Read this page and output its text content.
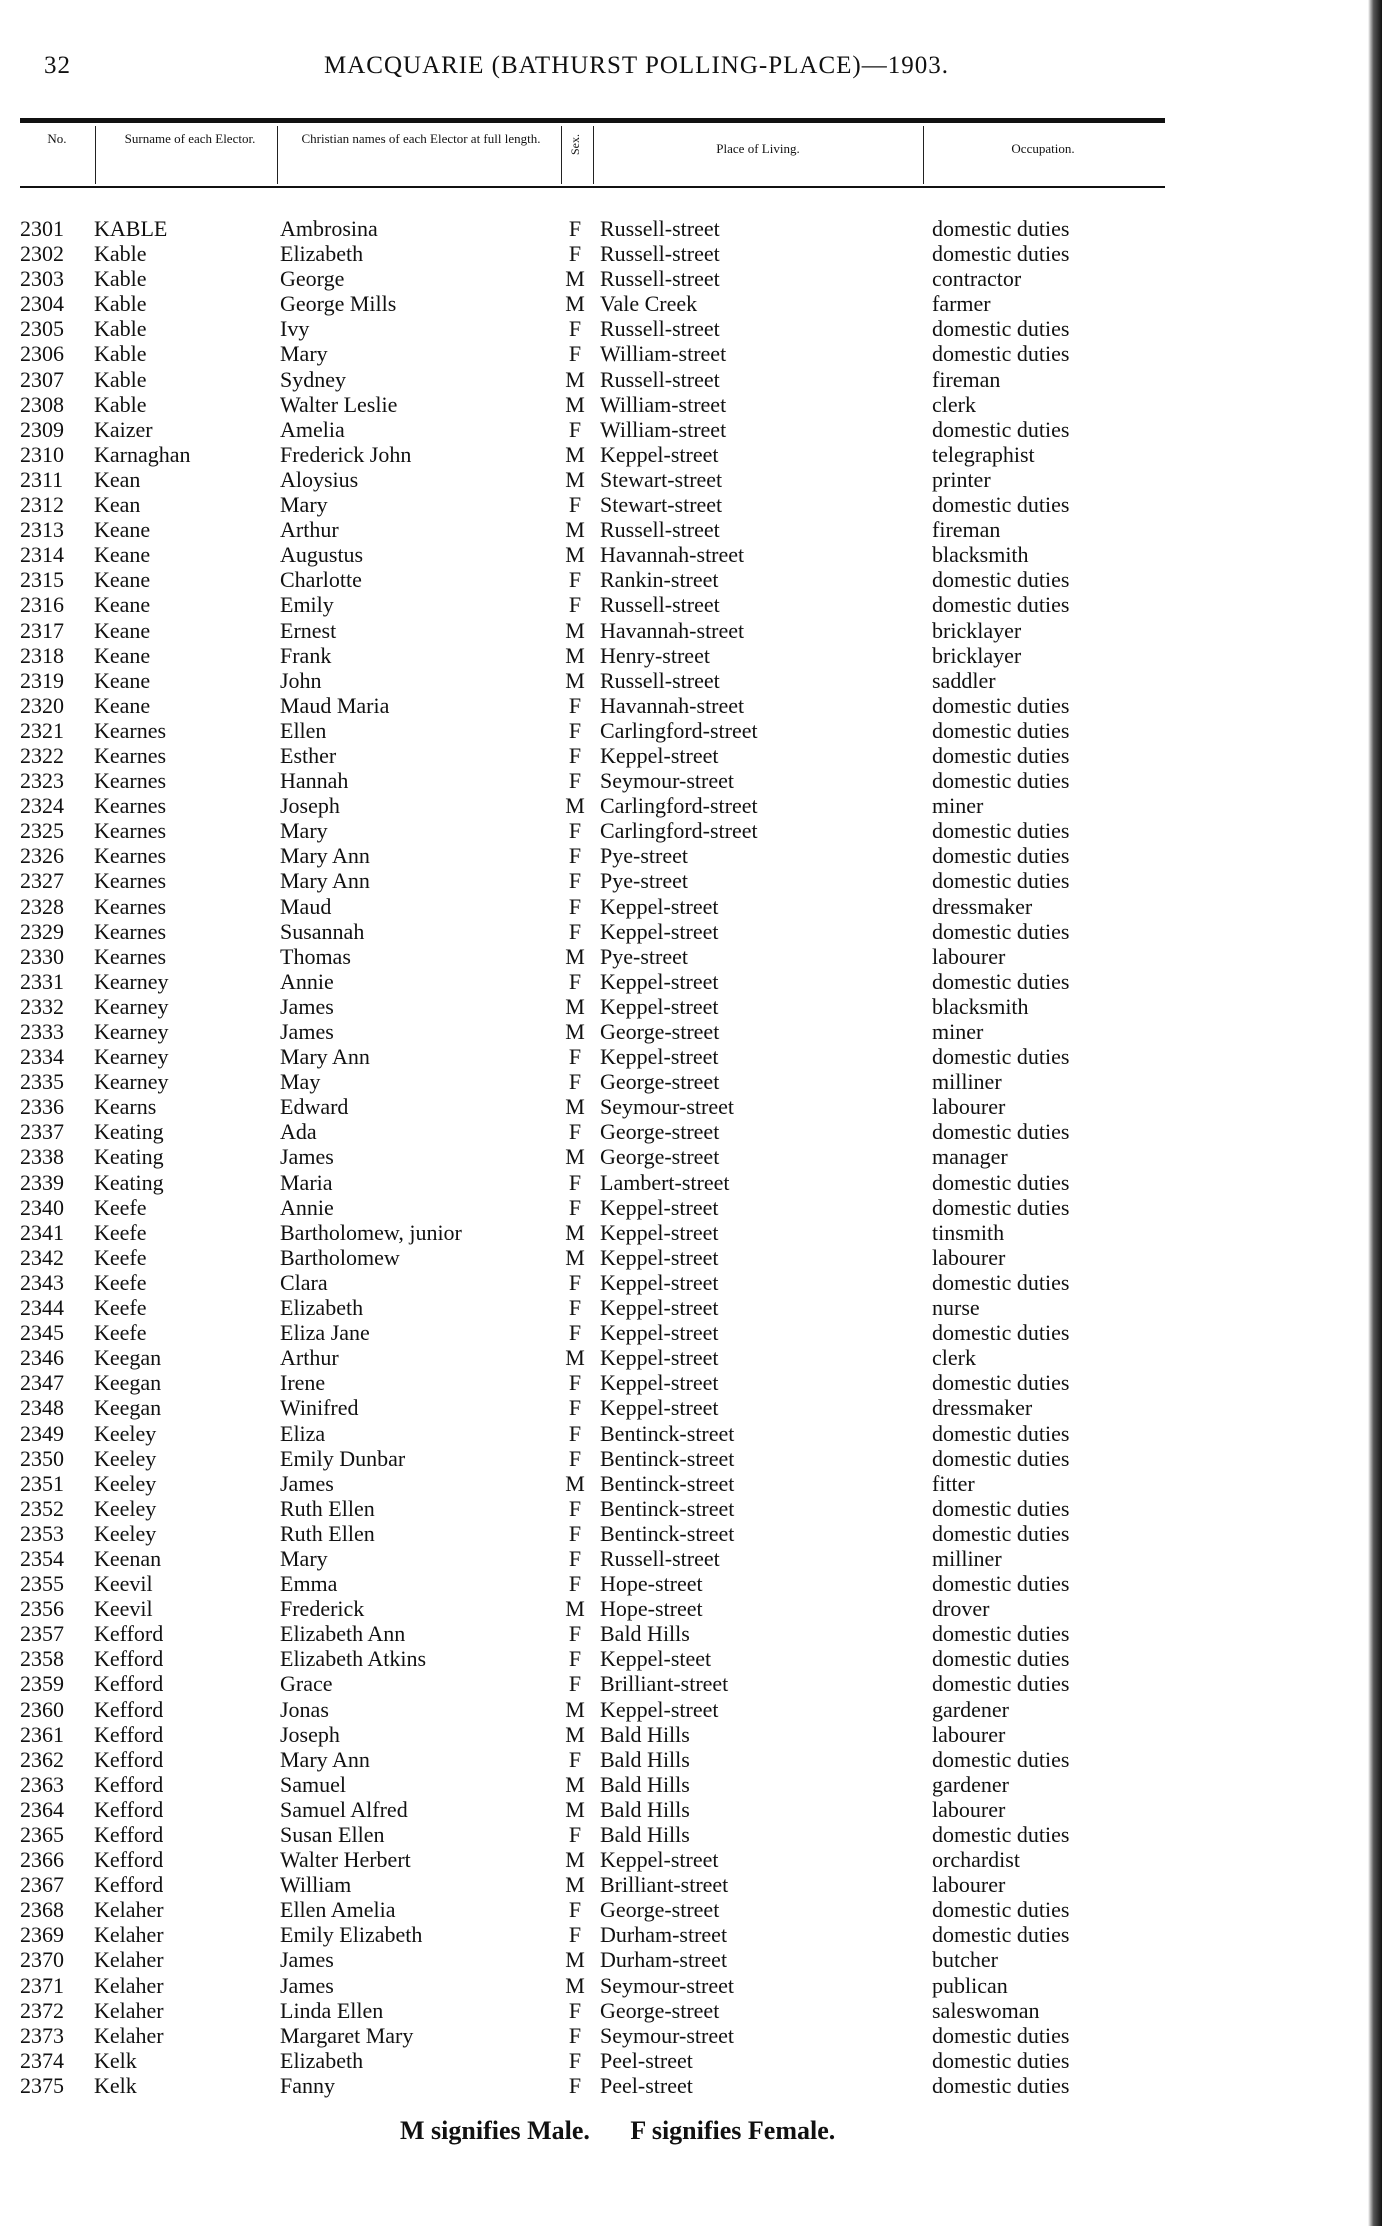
32	MACQUARIE (BATHURST POLLING-PLACE)—1903.
No.	Surname of each Elector.	Christian names of each Elector at full length.	Sex.	Place of Living.	Occupation.
2301	KABLE	Ambrosina	F Russell-street	domestic duties
2302	Kable	Elizabeth	F Russell-street	domestic duties
2303	Kable	George	M Russell-street	contractor
2304	Kable	George Mills	M Vale Creek	farmer
2305	Kable	Ivy	F Russell-street	domestic duties
2306	Kable	Mary	F William-street	domestic duties
2307	Kable	Sydney	M Russell-street	fireman
2308	Kable	Walter Leslie	M William-street	clerk
2309	Kaizer	Amelia	F William-street	domestic duties
2310	Karnaghan	Frederick John	M Keppel-street	telegraphist
2311	Kean	Aloysius	M Stewart-street	printer
2312	Kean	Mary	F Stewart-street	domestic duties
2313	Keane	Arthur	M Russell-street	fireman
2314	Keane	Augustus	M Havannah-street	blacksmith
2315	Keane	Charlotte	F Rankin-street	domestic duties
2316	Keane	Emily	F Russell-street	domestic duties
2317	Keane	Ernest	M Havannah-street	bricklayer
2318	Keane	Frank	M Henry-street	bricklayer
2319	Keane	John	M Russell-street	saddler
2320	Keane	Maud Maria	F Havannah-street	domestic duties
2321	Kearnes	Ellen	F Carlingford-street	domestic duties
2322	Kearnes	Esther	F Keppel-street	domestic duties
2323	Kearnes	Hannah	F Seymour-street	domestic duties
2324	Kearnes	Joseph	M Carlingford-street	miner
2325	Kearnes	Mary	F Carlingford-street	domestic duties
2326	Kearnes	Mary Ann	F Pye-street	domestic duties
2327	Kearnes	Mary Ann	F Pye-street	domestic duties
2328	Kearnes	Maud	F Keppel-street	dressmaker
2329	Kearnes	Susannah	F Keppel-street	domestic duties
2330	Kearnes	Thomas	M Pye-street	labourer
2331	Kearney	Annie	F Keppel-street	domestic duties
2332	Kearney	James	M Keppel-street	blacksmith
2333	Kearney	James	M George-street	miner
2334	Kearney	Mary Ann	F Keppel-street	domestic duties
2335	Kearney	May	F George-street	milliner
2336	Kearns	Edward	M Seymour-street	labourer
2337	Keating	Ada	F George-street	domestic duties
2338	Keating	James	M George-street	manager
2339	Keating	Maria	F Lambert-street	domestic duties
2340	Keefe	Annie	F Keppel-street	domestic duties
2341	Keefe	Bartholomew, junior	M Keppel-street	tinsmith
2342	Keefe	Bartholomew	M Keppel-street	labourer
2343	Keefe	Clara	F Keppel-street	domestic duties
2344	Keefe	Elizabeth	F Keppel-street	nurse
2345	Keefe	Eliza Jane	F Keppel-street	domestic duties
2346	Keegan	Arthur	M Keppel-street	clerk
2347	Keegan	Irene	F Keppel-street	domestic duties
2348	Keegan	Winifred	F Keppel-street	dressmaker
2349	Keeley	Eliza	F Bentinck-street	domestic duties
2350	Keeley	Emily Dunbar	F Bentinck-street	domestic duties
2351	Keeley	James	M Bentinck-street	fitter
2352	Keeley	Ruth Ellen	F Bentinck-street	domestic duties
2353	Keeley	Ruth Ellen	F Bentinck-street	domestic duties
2354	Keenan	Mary	F Russell-street	milliner
2355	Keevil	Emma	F Hope-street	domestic duties
2356	Keevil	Frederick	M Hope-street	drover
2357	Kefford	Elizabeth Ann	F Bald Hills	domestic duties
2358	Kefford	Elizabeth Atkins	F Keppel-steet	domestic duties
2359	Kefford	Grace	F Brilliant-street	domestic duties
2360	Kefford	Jonas	M Keppel-street	gardener
2361	Kefford	Joseph	M Bald Hills	labourer
2362	Kefford	Mary Ann	F Bald Hills	domestic duties
2363	Kefford	Samuel	M Bald Hills	gardener
2364	Kefford	Samuel Alfred	M Bald Hills	labourer
2365	Kefford	Susan Ellen	F Bald Hills	domestic duties
2366	Kefford	Walter Herbert	M Keppel-street	orchardist
2367	Kefford	William	M Brilliant-street	labourer
2368	Kelaher	Ellen Amelia	F George-street	domestic duties
2369	Kelaher	Emily Elizabeth	F Durham-street	domestic duties
2370	Kelaher	James	M Durham-street	butcher
2371	Kelaher	James	M Seymour-street	publican
2372	Kelaher	Linda Ellen	F George-street	saleswoman
2373	Kelaher	Margaret Mary	F Seymour-street	domestic duties
2374	Kelk	Elizabeth	F Peel-street	domestic duties
2375	Kelk	Fanny	F Peel-street	domestic duties
M signifies Male. F signifies Female.
